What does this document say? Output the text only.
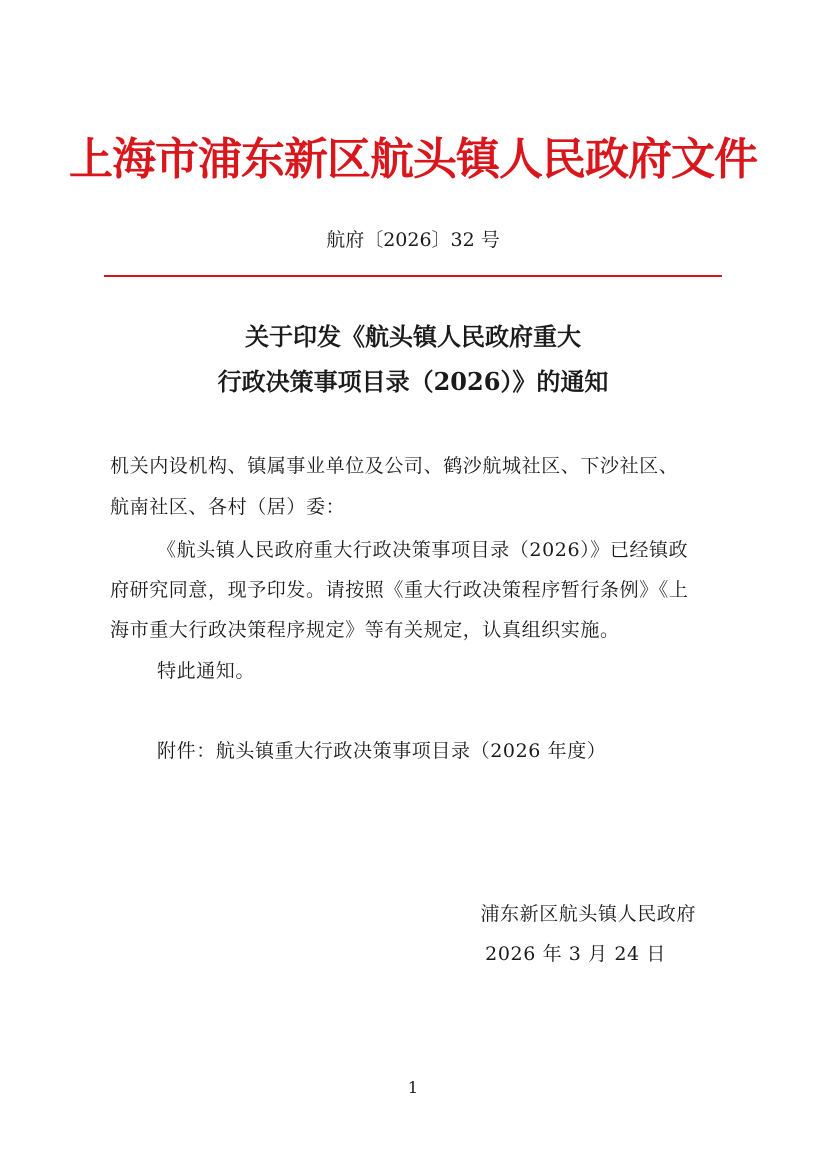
上海市浦东新区航头镇人民政府文件
航府〔2026〕32 号
关于印发《航头镇人民政府重大
行政决策事项目录（2026）》的通知
机关内设机构、镇属事业单位及公司、鹤沙航城社区、下沙社区、
航南社区、各村（居）委：
《航头镇人民政府重大行政决策事项目录（2026）》已经镇政
府研究同意，现予印发。请按照《重大行政决策程序暂行条例》《上
海市重大行政决策程序规定》等有关规定，认真组织实施。
特此通知。
附件：航头镇重大行政决策事项目录（2026 年度）
浦东新区航头镇人民政府
2026 年 3 月 24 日
1
